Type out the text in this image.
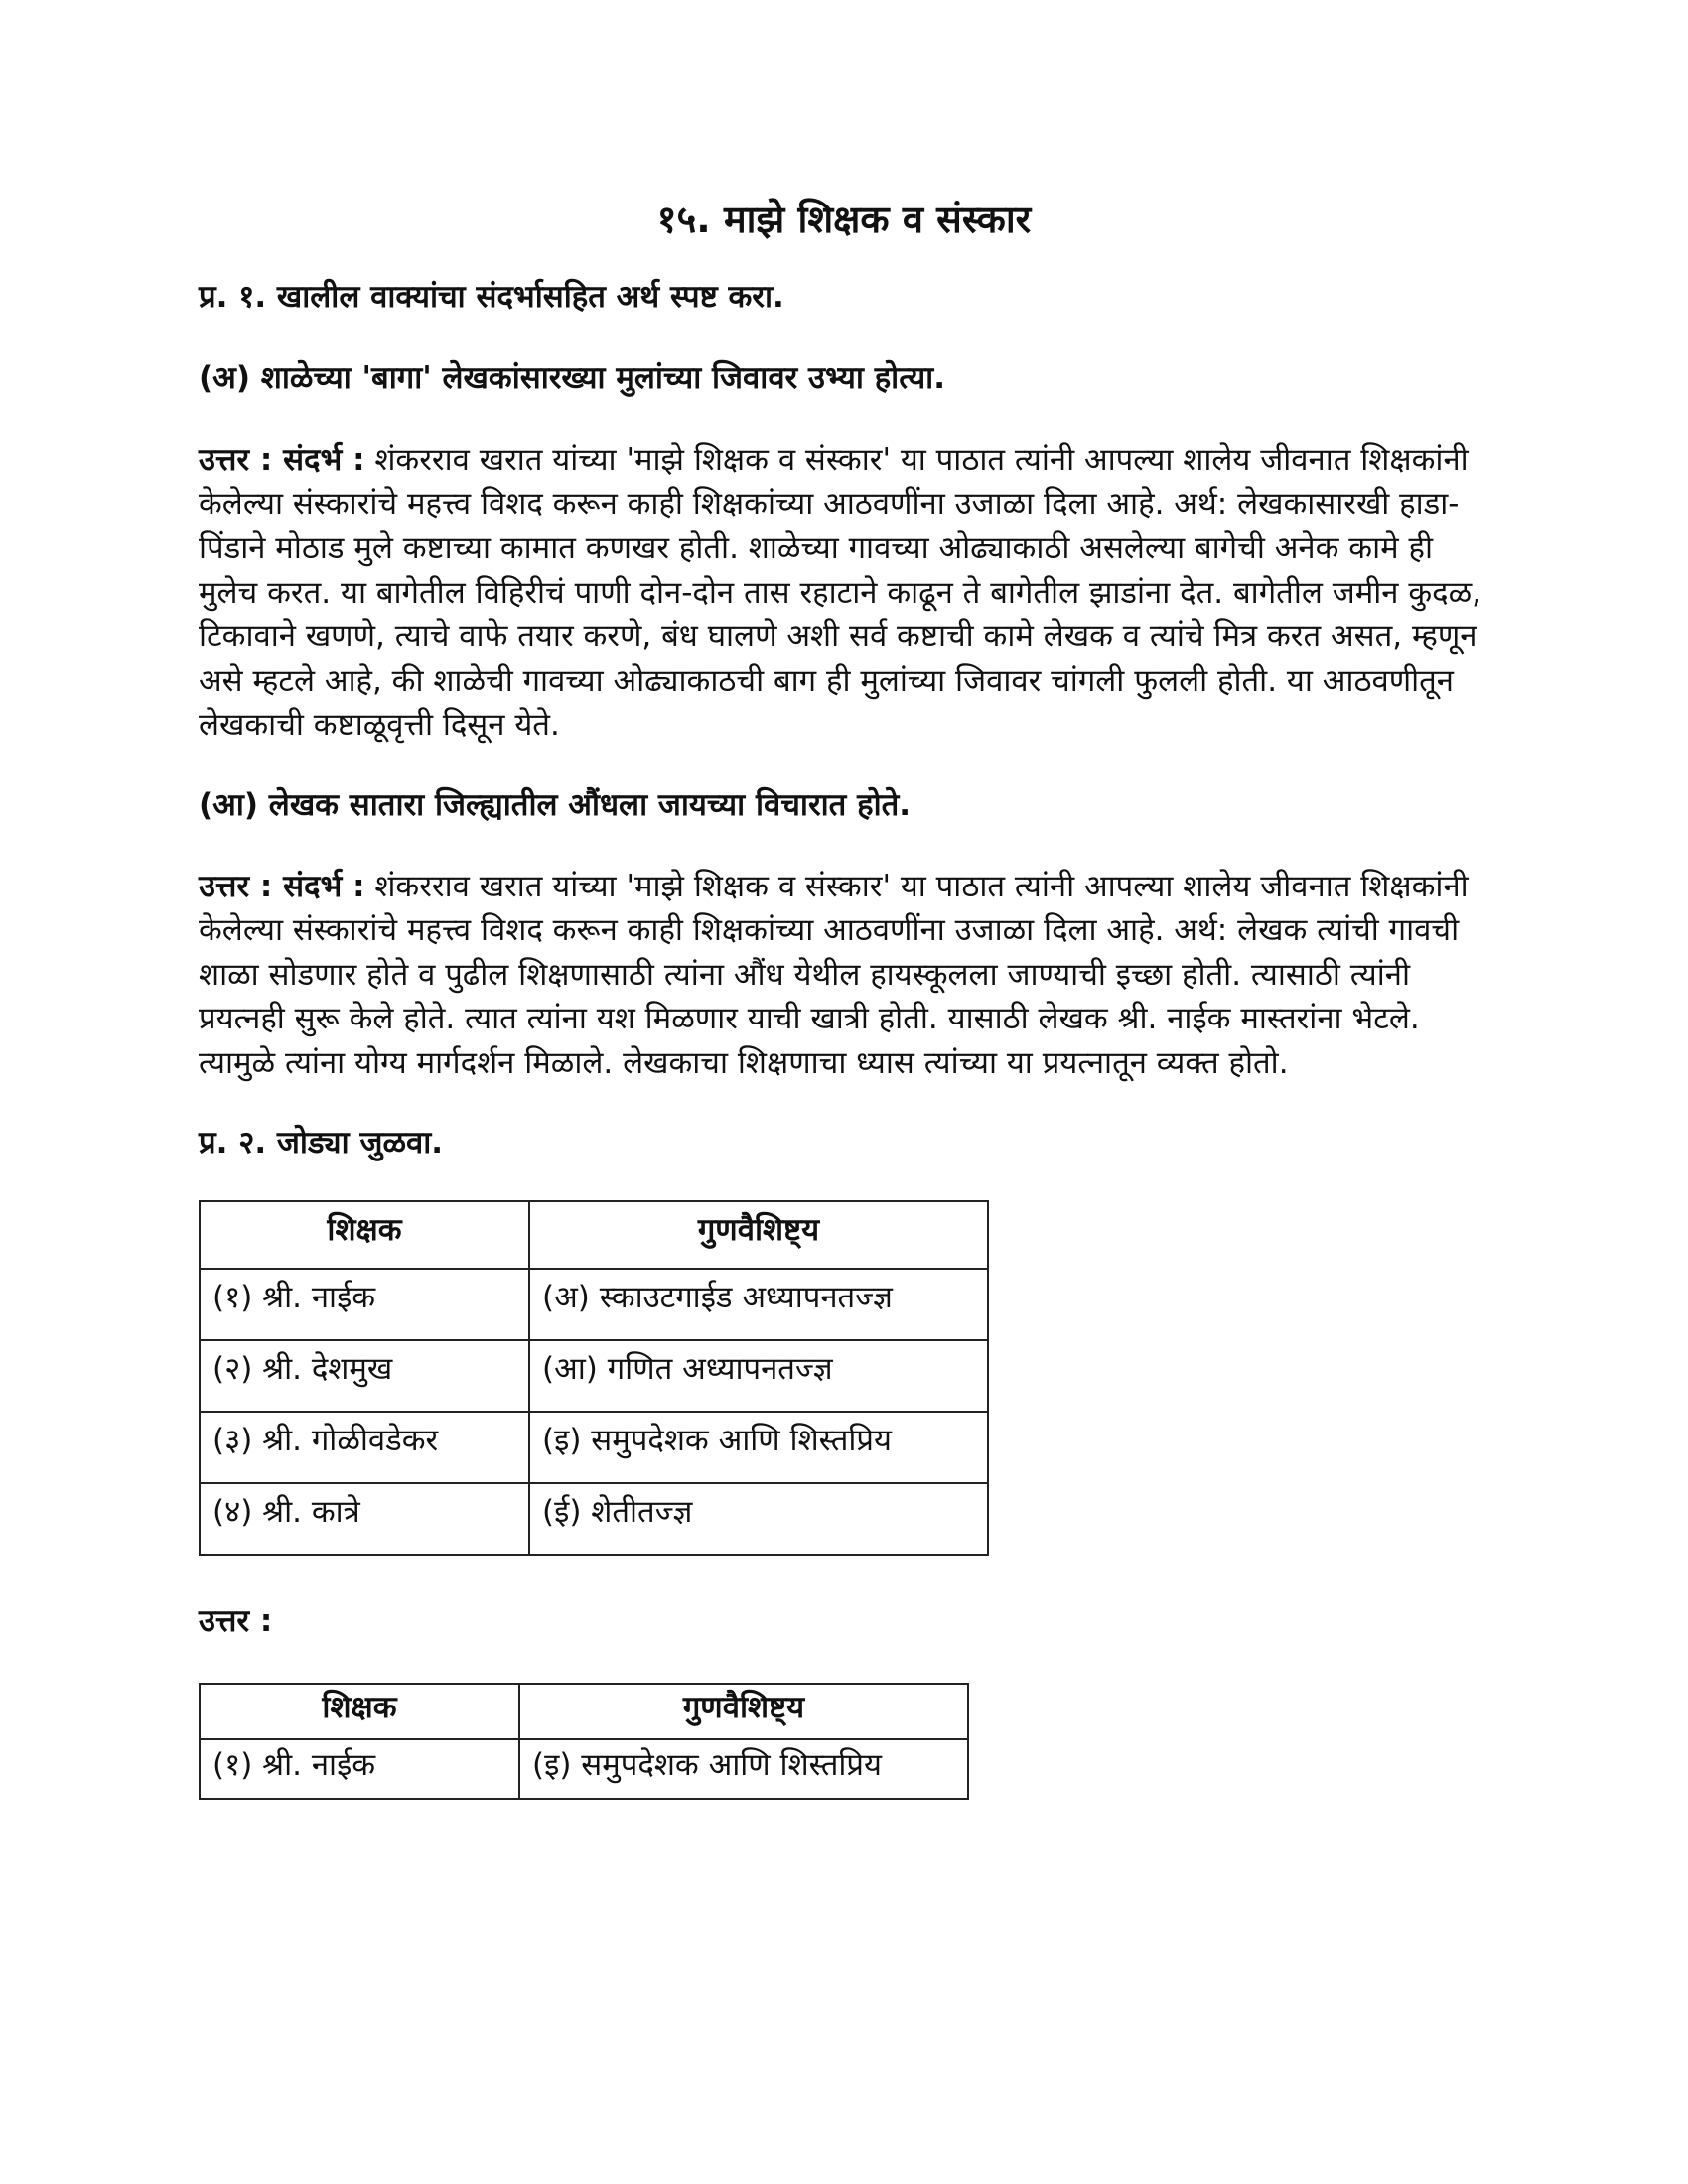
१५. माझे शिक्षक व संस्कार
प्र. १. खालील वाक्यांचा संदर्भासहित अर्थ स्पष्ट करा.
(अ) शाळेच्या 'बागा' लेखकांसारख्या मुलांच्या जिवावर उभ्या होत्या.
उत्तर : संदर्भ : शंकरराव खरात यांच्या 'माझे शिक्षक व संस्कार' या पाठात त्यांनी आपल्या शालेय जीवनात शिक्षकांनी केलेल्या संस्कारांचे महत्त्व विशद करून काही शिक्षकांच्या आठवणींना उजाळा दिला आहे. अर्थ: लेखकासारखी हाडा-पिंडाने मोठाड मुले कष्टाच्या कामात कणखर होती. शाळेच्या गावच्या ओढ्याकाठी असलेल्या बागेची अनेक कामे ही मुलेच करत. या बागेतील विहिरीचं पाणी दोन-दोन तास रहाटाने काढून ते बागेतील झाडांना देत. बागेतील जमीन कुदळ, टिकावाने खणणे, त्याचे वाफे तयार करणे, बंध घालणे अशी सर्व कष्टाची कामे लेखक व त्यांचे मित्र करत असत, म्हणून असे म्हटले आहे, की शाळेची गावच्या ओढ्याकाठची बाग ही मुलांच्या जिवावर चांगली फुलली होती. या आठवणीतून लेखकाची कष्टाळूवृत्ती दिसून येते.
(आ) लेखक सातारा जिल्ह्यातील औंधला जायच्या विचारात होते.
उत्तर : संदर्भ : शंकरराव खरात यांच्या 'माझे शिक्षक व संस्कार' या पाठात त्यांनी आपल्या शालेय जीवनात शिक्षकांनी केलेल्या संस्कारांचे महत्त्व विशद करून काही शिक्षकांच्या आठवणींना उजाळा दिला आहे. अर्थ: लेखक त्यांची गावची शाळा सोडणार होते व पुढील शिक्षणासाठी त्यांना औंध येथील हायस्कूलला जाण्याची इच्छा होती. त्यासाठी त्यांनी प्रयत्नही सुरू केले होते. त्यात त्यांना यश मिळणार याची खात्री होती. यासाठी लेखक श्री. नाईक मास्तरांना भेटले. त्यामुळे त्यांना योग्य मार्गदर्शन मिळाले. लेखकाचा शिक्षणाचा ध्यास त्यांच्या या प्रयत्नातून व्यक्त होतो.
प्र. २. जोड्या जुळवा.
शिक्षक	गुणवैशिष्ट्य
(१) श्री. नाईक	(अ) स्काउटगाईड अध्यापनतज्ज्ञ
(२) श्री. देशमुख	(आ) गणित अध्यापनतज्ज्ञ
(३) श्री. गोळीवडेकर	(इ) समुपदेशक आणि शिस्तप्रिय
(४) श्री. कात्रे	(ई) शेतीतज्ज्ञ
उत्तर :
शिक्षक	गुणवैशिष्ट्य
(१) श्री. नाईक	(इ) समुपदेशक आणि शिस्तप्रिय
